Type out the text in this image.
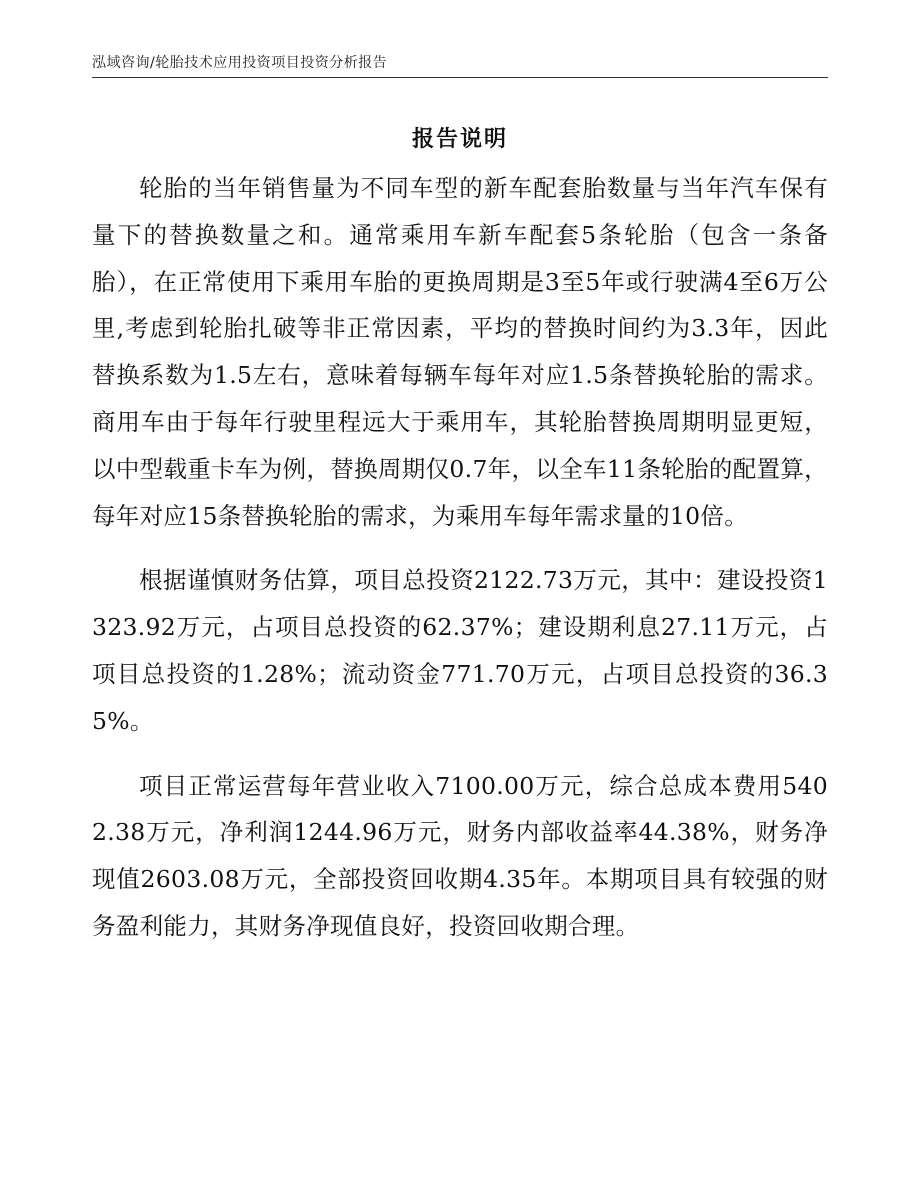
泓域咨询/轮胎技术应用投资项目投资分析报告
报告说明

轮胎的当年销售量为不同车型的新车配套胎数量与当年汽车保有量下的替换数量之和。通常乘用车新车配套5条轮胎（包含一条备胎），在正常使用下乘用车胎的更换周期是3至5年或行驶满4至6万公里,考虑到轮胎扎破等非正常因素，平均的替换时间约为3.3年，因此替换系数为1.5左右，意味着每辆车每年对应1.5条替换轮胎的需求。商用车由于每年行驶里程远大于乘用车，其轮胎替换周期明显更短，以中型载重卡车为例，替换周期仅0.7年，以全车11条轮胎的配置算，每年对应15条替换轮胎的需求，为乘用车每年需求量的10倍。

根据谨慎财务估算，项目总投资2122.73万元，其中：建设投资1323.92万元，占项目总投资的62.37%；建设期利息27.11万元，占项目总投资的1.28%；流动资金771.70万元，占项目总投资的36.35%。

项目正常运营每年营业收入7100.00万元，综合总成本费用5402.38万元，净利润1244.96万元，财务内部收益率44.38%，财务净现值2603.08万元，全部投资回收期4.35年。本期项目具有较强的财务盈利能力，其财务净现值良好，投资回收期合理。
